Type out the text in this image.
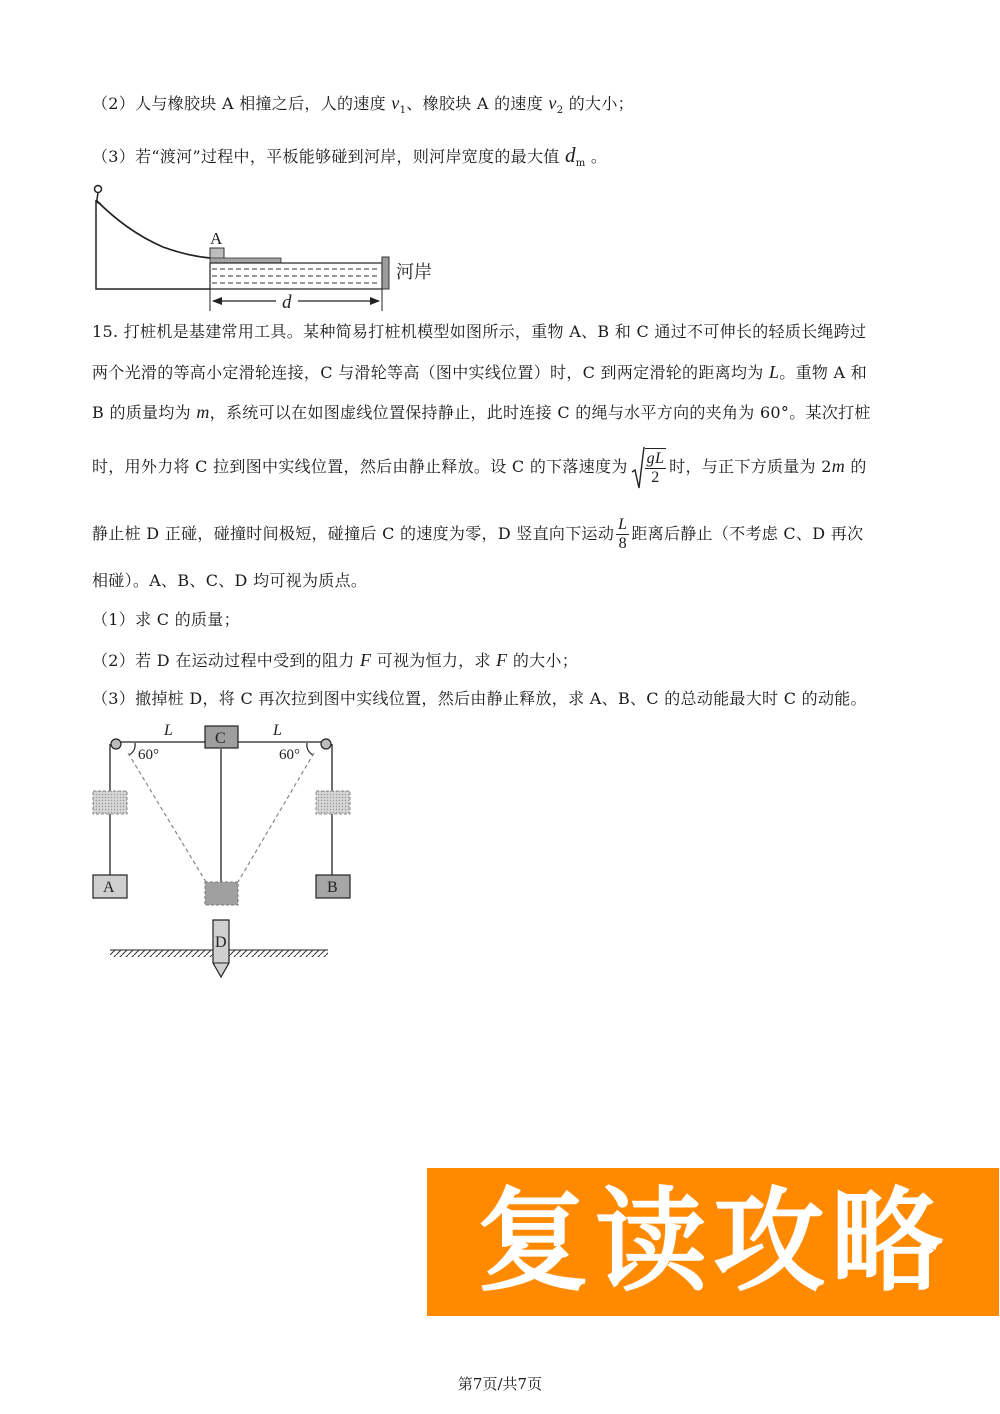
（2）人与橡胶块 A 相撞之后，人的速度 $v_1$、橡胶块 A 的速度 $v_2$ 的大小；
（3）若“渡河”过程中，平板能够碰到河岸，则河岸宽度的最大值 $d_m$ 。
A
河岸
d
15. 打桩机是基建常用工具。某种简易打桩机模型如图所示，重物 A、B 和 C 通过不可伸长的轻质长绳跨过
两个光滑的等高小定滑轮连接，C 与滑轮等高（图中实线位置）时，C 到两定滑轮的距离均为 L。重物 A 和
B 的质量均为 m，系统可以在如图虚线位置保持静止，此时连接 C 的绳与水平方向的夹角为 60°。某次打桩
时，用外力将 C 拉到图中实线位置，然后由静止释放。设 C 的下落速度为 $\frac{gL}{2}$ 时，与正下方质量为 2m 的
静止桩 D 正碰，碰撞时间极短，碰撞后 C 的速度为零，D 竖直向下运动 $\frac{L}{8}$ 距离后静止（不考虑 C、D 再次
相碰）。A、B、C、D 均可视为质点。
（1）求 C 的质量；
（2）若 D 在运动过程中受到的阻力 F 可视为恒力，求 F 的大小；
（3）撤掉桩 D，将 C 再次拉到图中实线位置，然后由静止释放，求 A、B、C 的总动能最大时 C 的动能。
60°	60°
L	L
C
A	B
D
复读攻略
第7页/共7页
